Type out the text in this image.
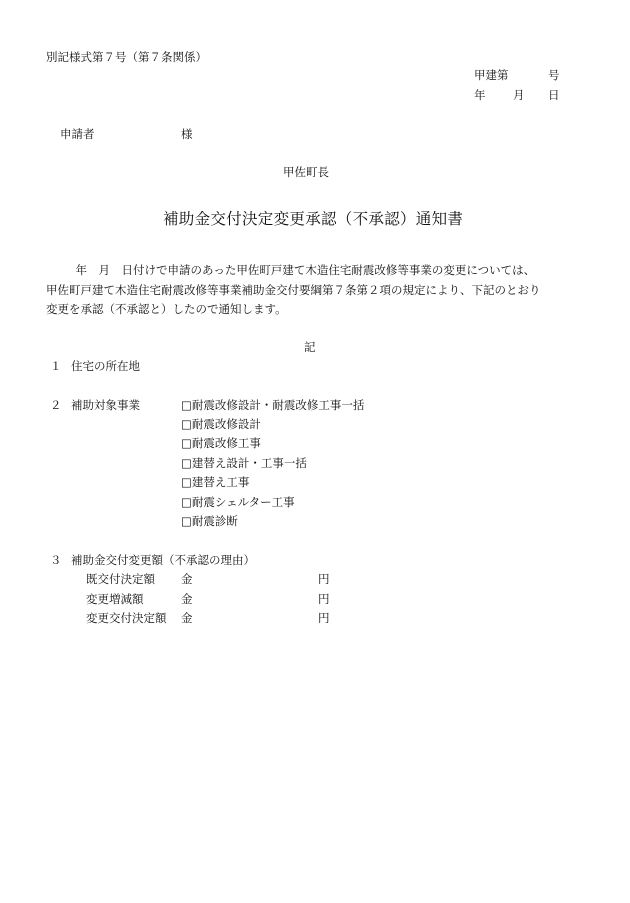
別記様式第７号（第７条関係）
甲建第	号
年 月 日
申請者	様
甲佐町長
補助金交付決定変更承認（不承認）通知書
　年　月　日付けで申請のあった甲佐町戸建て木造住宅耐震改修等事業の変更については、
甲佐町戸建て木造住宅耐震改修等事業補助金交付要綱第７条第２項の規定により、下記のとおり
変更を承認（不承認と）したので通知します。
記
１ 住宅の所在地
２ 補助対象事業	□耐震改修設計・耐震改修工事一括
□耐震改修設計
□耐震改修工事
□建替え設計・工事一括
□建替え工事
□耐震シェルター工事
□耐震診断
３ 補助金交付変更額（不承認の理由）
既交付決定額 金	円
変更増減額	金	円
変更交付決定額 金	円
